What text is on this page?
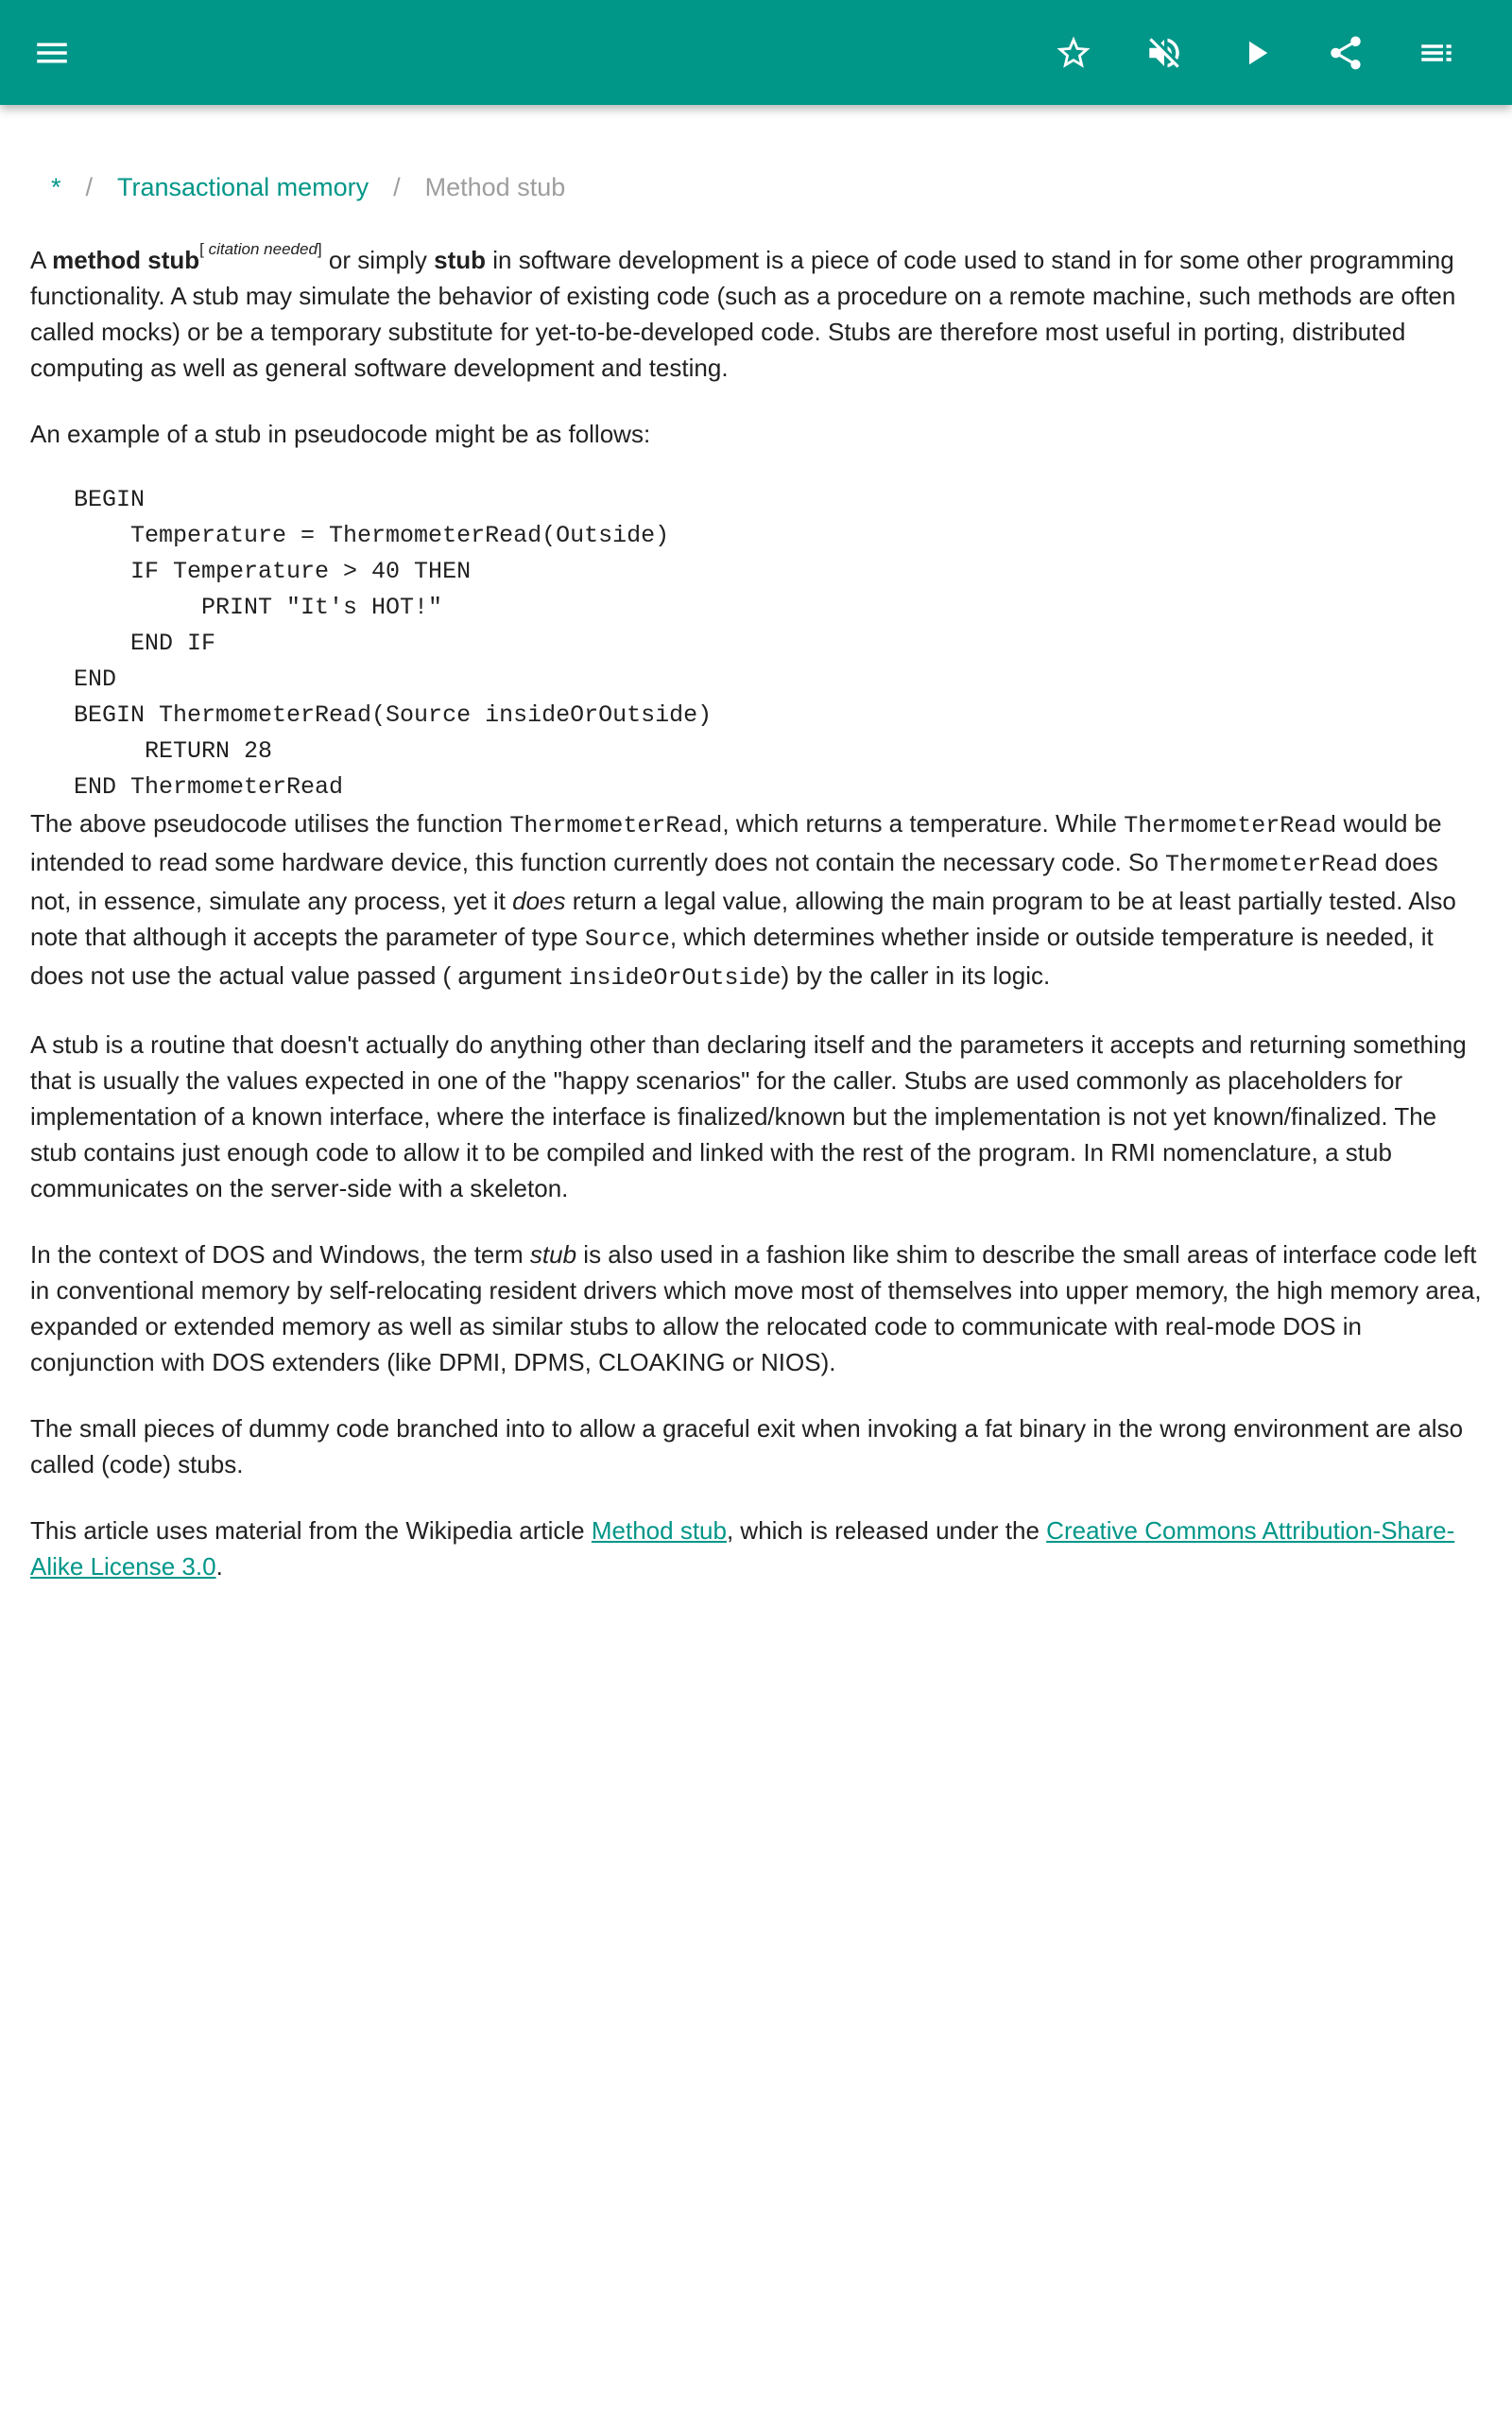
* / Transactional memory / Method stub

A method stub[ citation needed] or simply stub in software development is a piece of code used to stand in for some other programming functionality. A stub may simulate the behavior of existing code (such as a procedure on a remote machine, such methods are often called mocks) or be a temporary substitute for yet-to-be-developed code. Stubs are therefore most useful in porting, distributed computing as well as general software development and testing.

An example of a stub in pseudocode might be as follows:

BEGIN
Temperature = ThermometerRead(Outside)
IF Temperature > 40 THEN
PRINT "It's HOT!"
END IF
END
BEGIN ThermometerRead(Source insideOrOutside)
RETURN 28
END ThermometerRead

The above pseudocode utilises the function ThermometerRead, which returns a temperature. While ThermometerRead would be intended to read some hardware device, this function currently does not contain the necessary code. So ThermometerRead does not, in essence, simulate any process, yet it does return a legal value, allowing the main program to be at least partially tested. Also note that although it accepts the parameter of type Source, which determines whether inside or outside temperature is needed, it does not use the actual value passed ( argument insideOrOutside) by the caller in its logic.

A stub is a routine that doesn't actually do anything other than declaring itself and the parameters it accepts and returning something that is usually the values expected in one of the "happy scenarios" for the caller. Stubs are used commonly as placeholders for implementation of a known interface, where the interface is finalized/known but the implementation is not yet known/finalized. The stub contains just enough code to allow it to be compiled and linked with the rest of the program. In RMI nomenclature, a stub communicates on the server-side with a skeleton.

In the context of DOS and Windows, the term stub is also used in a fashion like shim to describe the small areas of interface code left in conventional memory by self-relocating resident drivers which move most of themselves into upper memory, the high memory area, expanded or extended memory as well as similar stubs to allow the relocated code to communicate with real-mode DOS in conjunction with DOS extenders (like DPMI, DPMS, CLOAKING or NIOS).

The small pieces of dummy code branched into to allow a graceful exit when invoking a fat binary in the wrong environment are also called (code) stubs.

This article uses material from the Wikipedia article Method stub, which is released under the Creative Commons Attribution-Share-Alike License 3.0.
